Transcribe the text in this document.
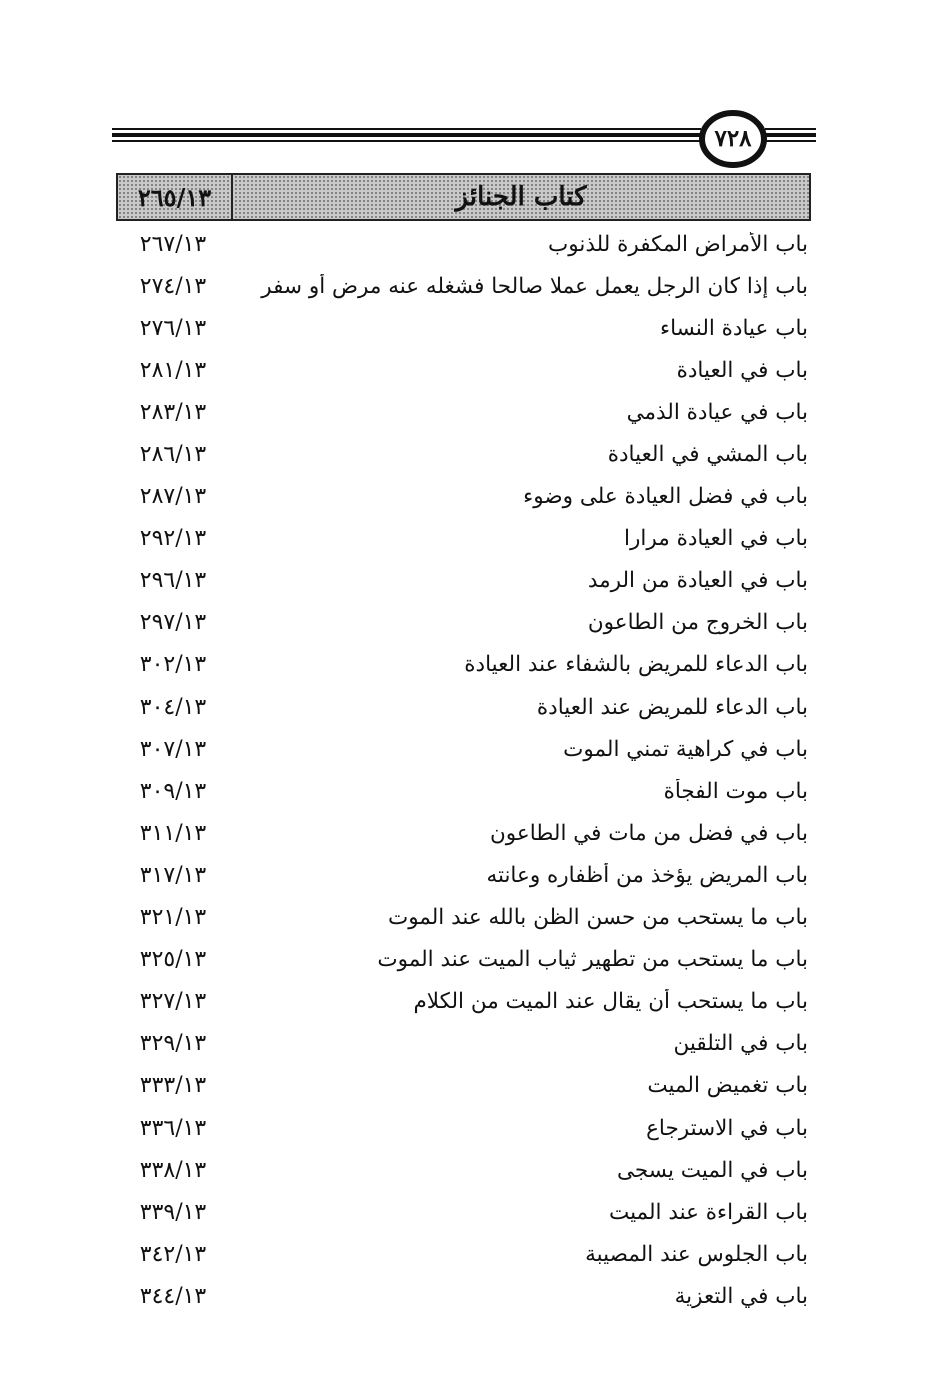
٧٢٨
٢٦٥/١٣	كتاب الجنائز
٢٦٧/١٣	باب الأمراض المكفرة للذنوب
٢٧٤/١٣	باب إذا كان الرجل يعمل عملا صالحا فشغله عنه مرض أو سفر
٢٧٦/١٣	باب عيادة النساء
٢٨١/١٣	باب في العيادة
٢٨٣/١٣	باب في عيادة الذمي
٢٨٦/١٣	باب المشي في العيادة
٢٨٧/١٣	باب في فضل العيادة على وضوء
٢٩٢/١٣	باب في العيادة مرارا
٢٩٦/١٣	باب في العيادة من الرمد
٢٩٧/١٣	باب الخروج من الطاعون
٣٠٢/١٣	باب الدعاء للمريض بالشفاء عند العيادة
٣٠٤/١٣	باب الدعاء للمريض عند العيادة
٣٠٧/١٣	باب في كراهية تمني الموت
٣٠٩/١٣	باب موت الفجأة
٣١١/١٣	باب في فضل من مات في الطاعون
٣١٧/١٣	باب المريض يؤخذ من أظفاره وعانته
٣٢١/١٣	باب ما يستحب من حسن الظن بالله عند الموت
٣٢٥/١٣	باب ما يستحب من تطهير ثياب الميت عند الموت
٣٢٧/١٣	باب ما يستحب أن يقال عند الميت من الكلام
٣٢٩/١٣	باب في التلقين
٣٣٣/١٣	باب تغميض الميت
٣٣٦/١٣	باب في الاسترجاع
٣٣٨/١٣	باب في الميت يسجى
٣٣٩/١٣	باب القراءة عند الميت
٣٤٢/١٣	باب الجلوس عند المصيبة
٣٤٤/١٣	باب في التعزية
